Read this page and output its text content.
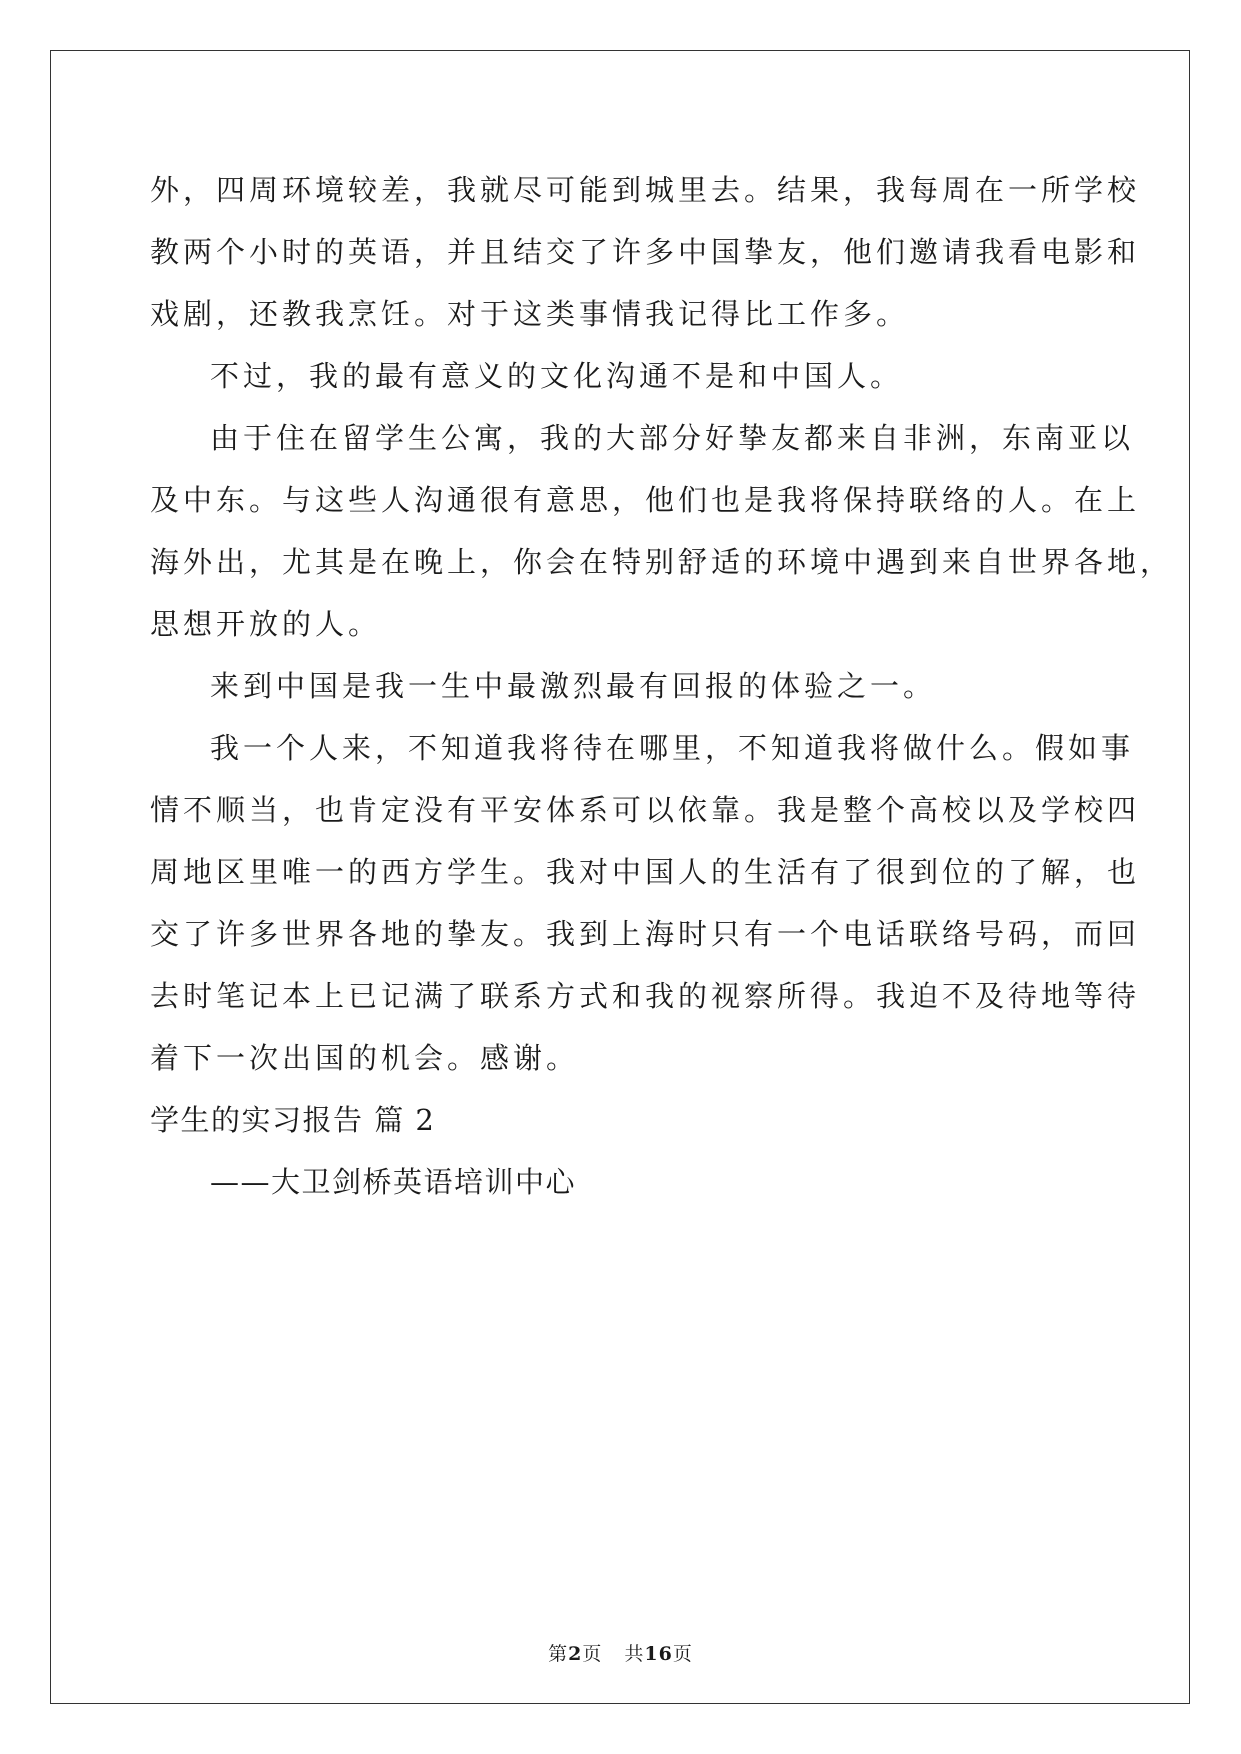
外，四周环境较差，我就尽可能到城里去。结果，我每周在一所学校
教两个小时的英语，并且结交了许多中国挚友，他们邀请我看电影和
戏剧，还教我烹饪。对于这类事情我记得比工作多。
不过，我的最有意义的文化沟通不是和中国人。
由于住在留学生公寓，我的大部分好挚友都来自非洲，东南亚以
及中东。与这些人沟通很有意思，他们也是我将保持联络的人。在上
海外出，尤其是在晚上，你会在特别舒适的环境中遇到来自世界各地，
思想开放的人。
来到中国是我一生中最激烈最有回报的体验之一。
我一个人来，不知道我将待在哪里，不知道我将做什么。假如事
情不顺当，也肯定没有平安体系可以依靠。我是整个高校以及学校四
周地区里唯一的西方学生。我对中国人的生活有了很到位的了解，也
交了许多世界各地的挚友。我到上海时只有一个电话联络号码，而回
去时笔记本上已记满了联系方式和我的视察所得。我迫不及待地等待
着下一次出国的机会。感谢。
学生的实习报告 篇 2
——大卫剑桥英语培训中心
第2页 共16页
